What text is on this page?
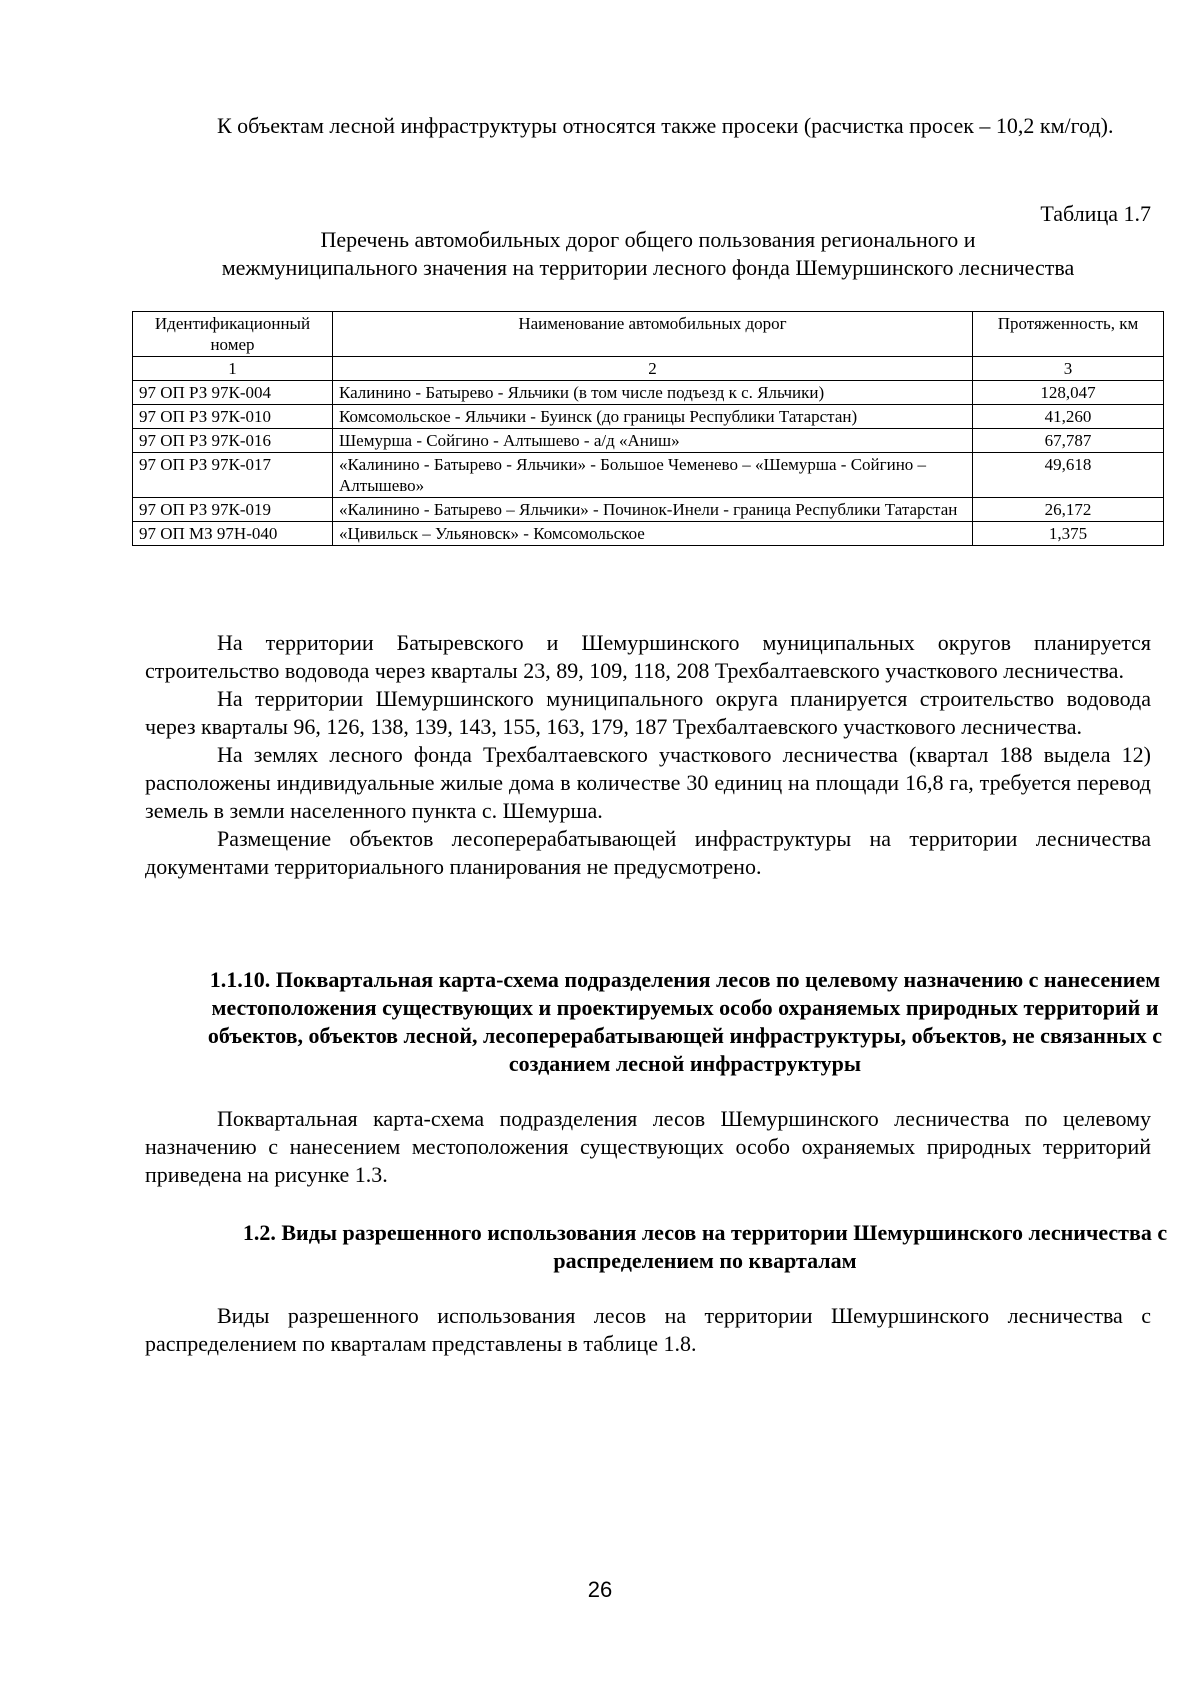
К объектам лесной инфраструктуры относятся также просеки (расчистка просек – 10,2 км/год).

Таблица 1.7
Перечень автомобильных дорог общего пользования регионального и
межмуниципального значения на территории лесного фонда Шемуршинского лесничества
Идентификационный номер	Наименование автомобильных дорог	Протяженность, км
1	2	3
97 ОП РЗ 97К-004	Калинино - Батырево - Яльчики (в том числе подъезд к с. Яльчики)	128,047
97 ОП РЗ 97К-010	Комсомольское - Яльчики - Буинск (до границы Республики Татарстан)	41,260
97 ОП РЗ 97К-016	Шемурша - Сойгино - Алтышево - а/д «Аниш»	67,787
97 ОП РЗ 97К-017	«Калинино - Батырево - Яльчики» - Большое Чеменево – «Шемурша - Сойгино – Алтышево»	49,618
97 ОП РЗ 97К-019	«Калинино - Батырево – Яльчики» - Починок-Инели - граница Республики Татарстан	26,172
97 ОП МЗ 97Н-040	«Цивильск – Ульяновск» - Комсомольское	1,375

На территории Батыревского и Шемуршинского муниципальных округов планируется строительство водовода через кварталы 23, 89, 109, 118, 208 Трехбалтаевского участкового лесничества.

На территории Шемуршинского муниципального округа планируется строительство водовода через кварталы 96, 126, 138, 139, 143, 155, 163, 179, 187 Трехбалтаевского участкового лесничества.

На землях лесного фонда Трехбалтаевского участкового лесничества (квартал 188 выдела 12) расположены индивидуальные жилые дома в количестве 30 единиц на площади 16,8 га, требуется перевод земель в земли населенного пункта с. Шемурша.

Размещение объектов лесоперерабатывающей инфраструктуры на территории лесничества документами территориального планирования не предусмотрено.

1.1.10. Поквартальная карта-схема подразделения лесов по целевому назначению с нанесением местоположения существующих и проектируемых особо охраняемых природных территорий и объектов, объектов лесной, лесоперерабатывающей инфраструктуры, объектов, не связанных с созданием лесной инфраструктуры

Поквартальная карта-схема подразделения лесов Шемуршинского лесничества по целевому назначению с нанесением местоположения существующих особо охраняемых природных территорий приведена на рисунке 1.3.

1.2. Виды разрешенного использования лесов на территории Шемуршинского лесничества с распределением по кварталам

Виды разрешенного использования лесов на территории Шемуршинского лесничества с распределением по кварталам представлены в таблице 1.8.

26
